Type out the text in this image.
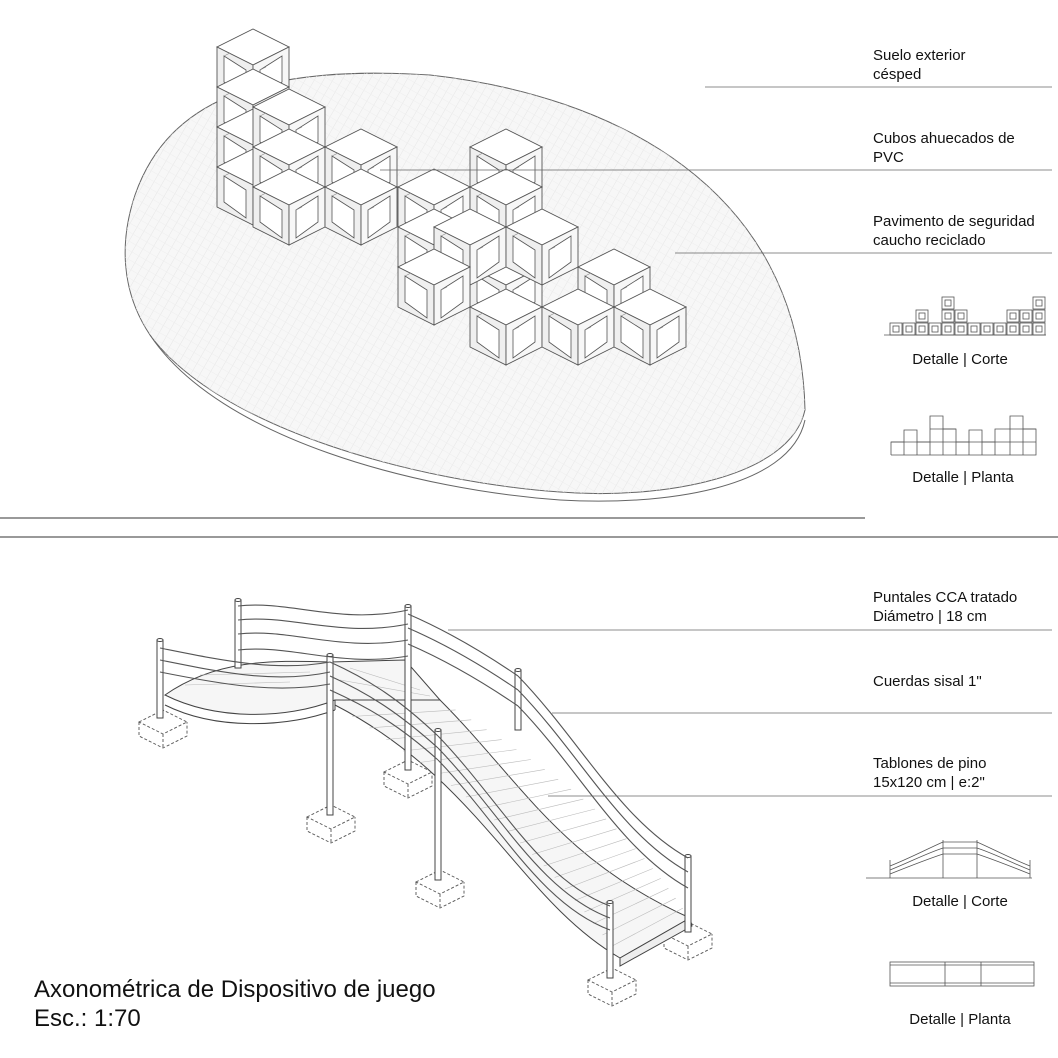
Suelo exterior
césped
Cubos ahuecados de
PVC
Pavimento de seguridad
caucho reciclado
Detalle | Corte
Detalle | Planta
Puntales CCA tratado
Diámetro | 18 cm
Cuerdas sisal 1"
Tablones de pino
15x120 cm | e:2"
Detalle | Corte
Detalle | Planta
Axonométrica de Dispositivo de juego
Esc.: 1:70
